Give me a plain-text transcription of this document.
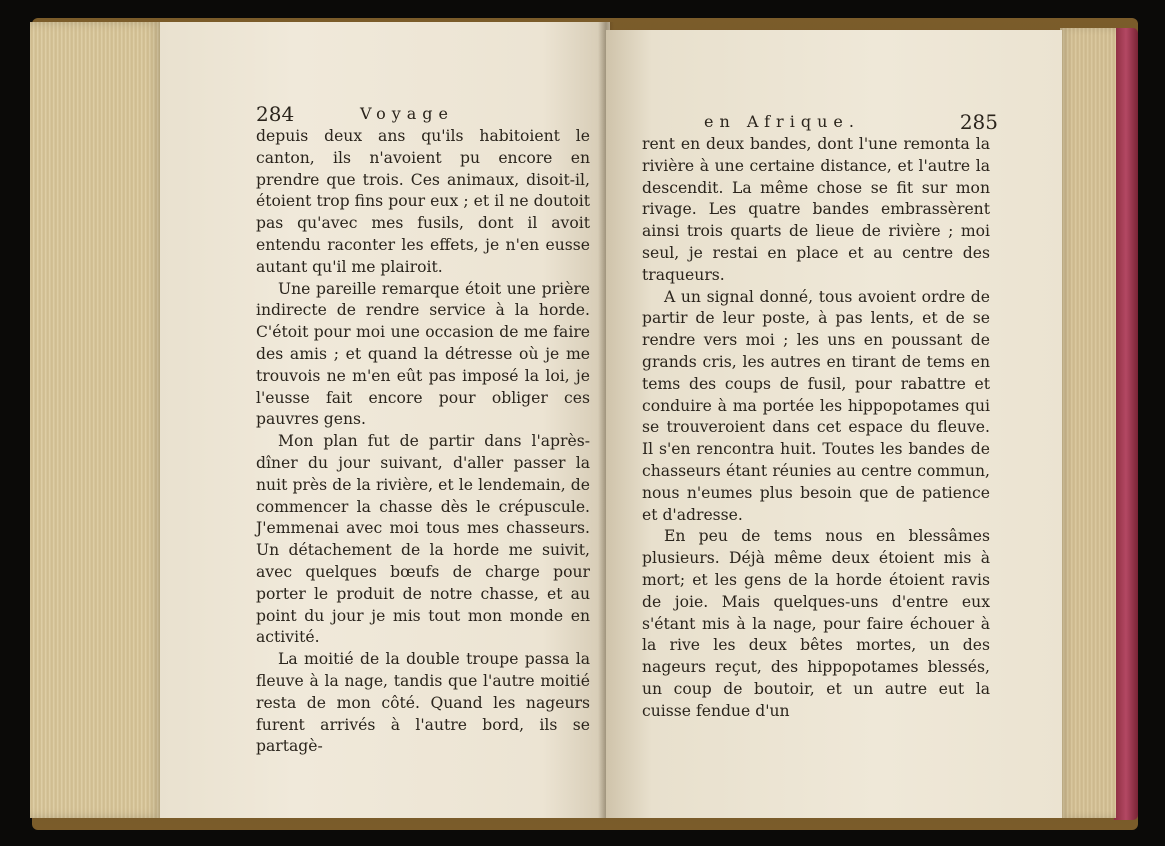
284	Voyage

depuis deux ans qu'ils habitoient le canton, ils n'avoient pu encore en prendre que trois. Ces animaux, disoit-il, étoient trop fins pour eux ; et il ne doutoit pas qu'avec mes fusils, dont il avoit entendu raconter les effets, je n'en eusse autant qu'il me plairoit.

Une pareille remarque étoit une prière indirecte de rendre service à la horde. C'étoit pour moi une occasion de me faire des amis ; et quand la détresse où je me trouvois ne m'en eût pas imposé la loi, je l'eusse fait encore pour obliger ces pauvres gens.

Mon plan fut de partir dans l'après-dîner du jour suivant, d'aller passer la nuit près de la rivière, et le lendemain, de commencer la chasse dès le crépuscule. J'emmenai avec moi tous mes chasseurs. Un détachement de la horde me suivit, avec quelques bœufs de charge pour porter le produit de notre chasse, et au point du jour je mis tout mon monde en activité.

La moitié de la double troupe passa la fleuve à la nage, tandis que l'autre moitié resta de mon côté. Quand les nageurs furent arrivés à l'autre bord, ils se partagè-

en Afrique.	285

rent en deux bandes, dont l'une remonta la rivière à une certaine distance, et l'autre la descendit. La même chose se fit sur mon rivage. Les quatre bandes embrassèrent ainsi trois quarts de lieue de rivière ; moi seul, je restai en place et au centre des traqueurs.

A un signal donné, tous avoient ordre de partir de leur poste, à pas lents, et de se rendre vers moi ; les uns en poussant de grands cris, les autres en tirant de tems en tems des coups de fusil, pour rabattre et conduire à ma portée les hippopotames qui se trouveroient dans cet espace du fleuve. Il s'en rencontra huit. Toutes les bandes de chasseurs étant réunies au centre commun, nous n'eumes plus besoin que de patience et d'adresse.

En peu de tems nous en blessâmes plusieurs. Déjà même deux étoient mis à mort; et les gens de la horde étoient ravis de joie. Mais quelques-uns d'entre eux s'étant mis à la nage, pour faire échouer à la rive les deux bêtes mortes, un des nageurs reçut, des hippopotames blessés, un coup de boutoir, et un autre eut la cuisse fendue d'un
